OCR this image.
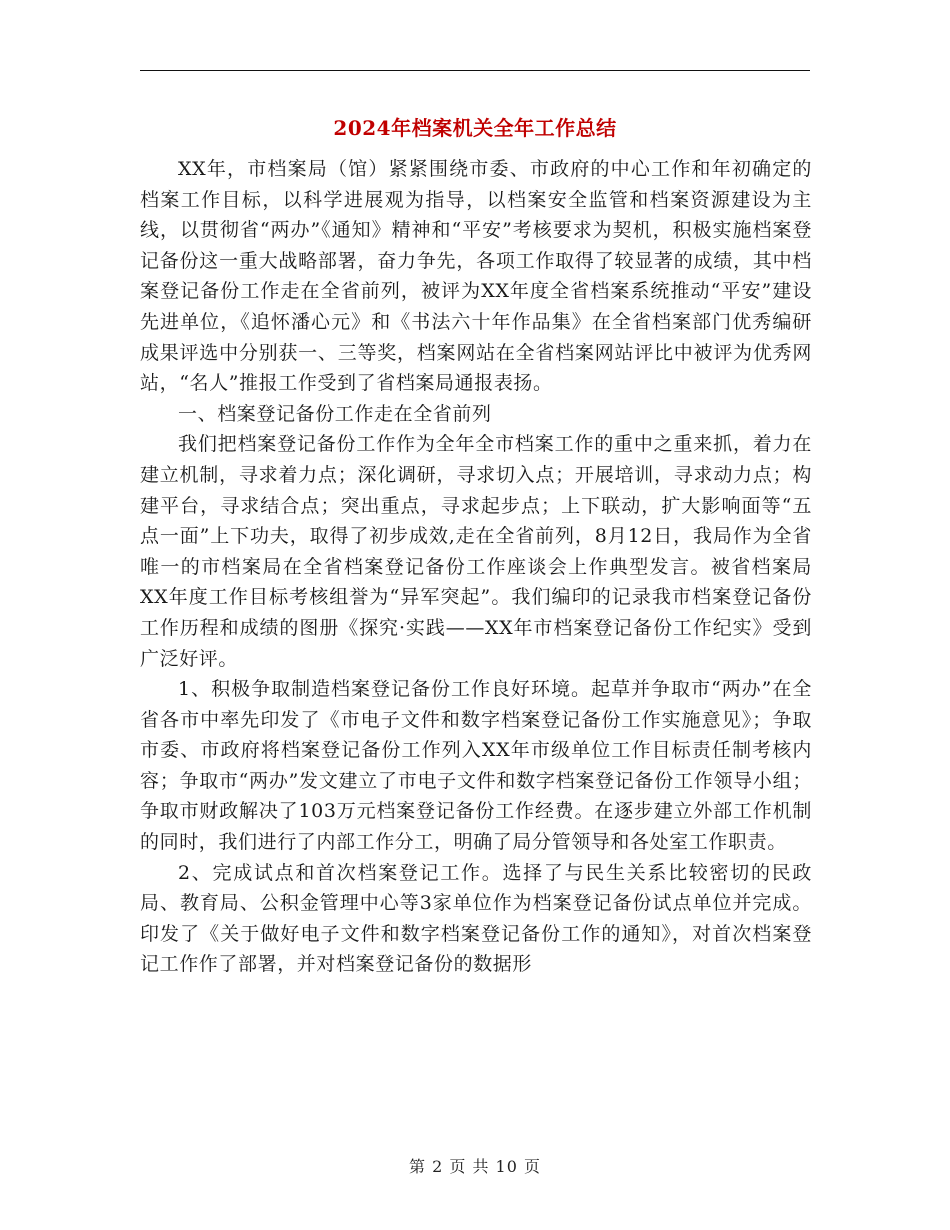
2024年档案机关全年工作总结

XX年，市档案局（馆）紧紧围绕市委、市政府的中心工作和年初确定的档案工作目标，以科学进展观为指导，以档案安全监管和档案资源建设为主线，以贯彻省“两办”《通知》精神和“平安”考核要求为契机，积极实施档案登记备份这一重大战略部署，奋力争先，各项工作取得了较显著的成绩，其中档案登记备份工作走在全省前列，被评为XX年度全省档案系统推动“平安”建设先进单位，《追怀潘心元》和《书法六十年作品集》在全省档案部门优秀编研成果评选中分别获一、三等奖，档案网站在全省档案网站评比中被评为优秀网站，“名人”推报工作受到了省档案局通报表扬。

一、档案登记备份工作走在全省前列

我们把档案登记备份工作作为全年全市档案工作的重中之重来抓，着力在建立机制，寻求着力点；深化调研，寻求切入点；开展培训，寻求动力点；构建平台，寻求结合点；突出重点，寻求起步点；上下联动，扩大影响面等“五点一面”上下功夫，取得了初步成效,走在全省前列，8月12日，我局作为全省唯一的市档案局在全省档案登记备份工作座谈会上作典型发言。被省档案局XX年度工作目标考核组誉为“异军突起”。我们编印的记录我市档案登记备份工作历程和成绩的图册《探究·实践——XX年市档案登记备份工作纪实》受到广泛好评。

1、积极争取制造档案登记备份工作良好环境。起草并争取市“两办”在全省各市中率先印发了《市电子文件和数字档案登记备份工作实施意见》；争取市委、市政府将档案登记备份工作列入XX年市级单位工作目标责任制考核内容；争取市“两办”发文建立了市电子文件和数字档案登记备份工作领导小组；争取市财政解决了103万元档案登记备份工作经费。在逐步建立外部工作机制的同时，我们进行了内部工作分工，明确了局分管领导和各处室工作职责。

2、完成试点和首次档案登记工作。选择了与民生关系比较密切的民政局、教育局、公积金管理中心等3家单位作为档案登记备份试点单位并完成。印发了《关于做好电子文件和数字档案登记备份工作的通知》，对首次档案登记工作作了部署，并对档案登记备份的数据形

第 2 页 共 10 页
